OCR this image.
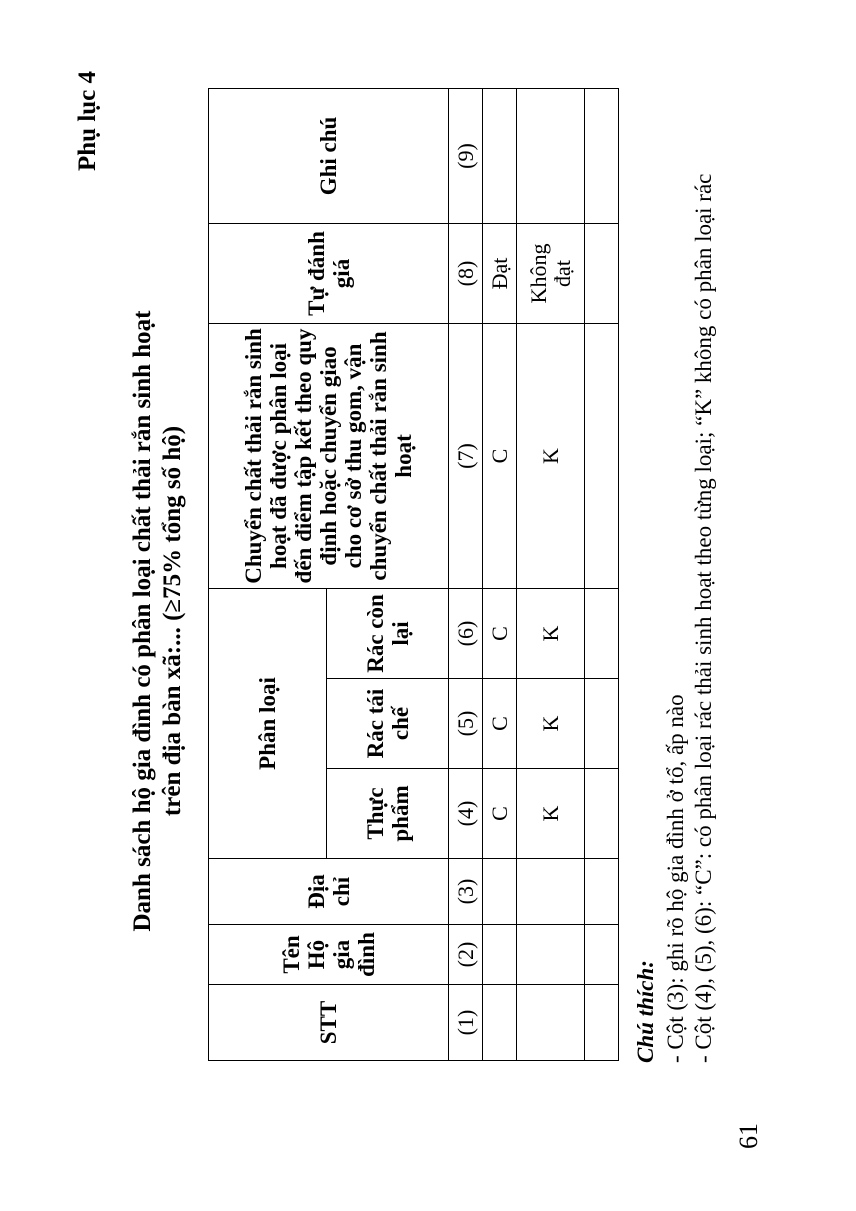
Phụ lục 4
Danh sách hộ gia đình có phân loại chất thải rắn sinh hoạt trên địa bàn xã:... (≥75% tổng số hộ)
STT	Tên Hộ gia đình	Địa chỉ	Phân loại			Chuyển chất thải rắn sinh hoạt đã được phân loại đến điểm tập kết theo quy định hoặc chuyển giao cho cơ sở thu gom, vận chuyển chất thải rắn sinh hoạt	Tự đánh giá	Ghi chú
			Thực phẩm	Rác tái chế	Rác còn lại			
(1)	(2)	(3)	(4)	(5)	(6)	(7)	(8)	(9)
			C	C	C	C	Đạt	
			K	K	K	K	Không đạt	

Chú thích: - Cột (3): ghi rõ hộ gia đình ở tổ, ấp nào - Cột (4), (5), (6): “C”: có phân loại rác thải sinh hoạt theo từng loại; “K” không có phân loại rác
61
